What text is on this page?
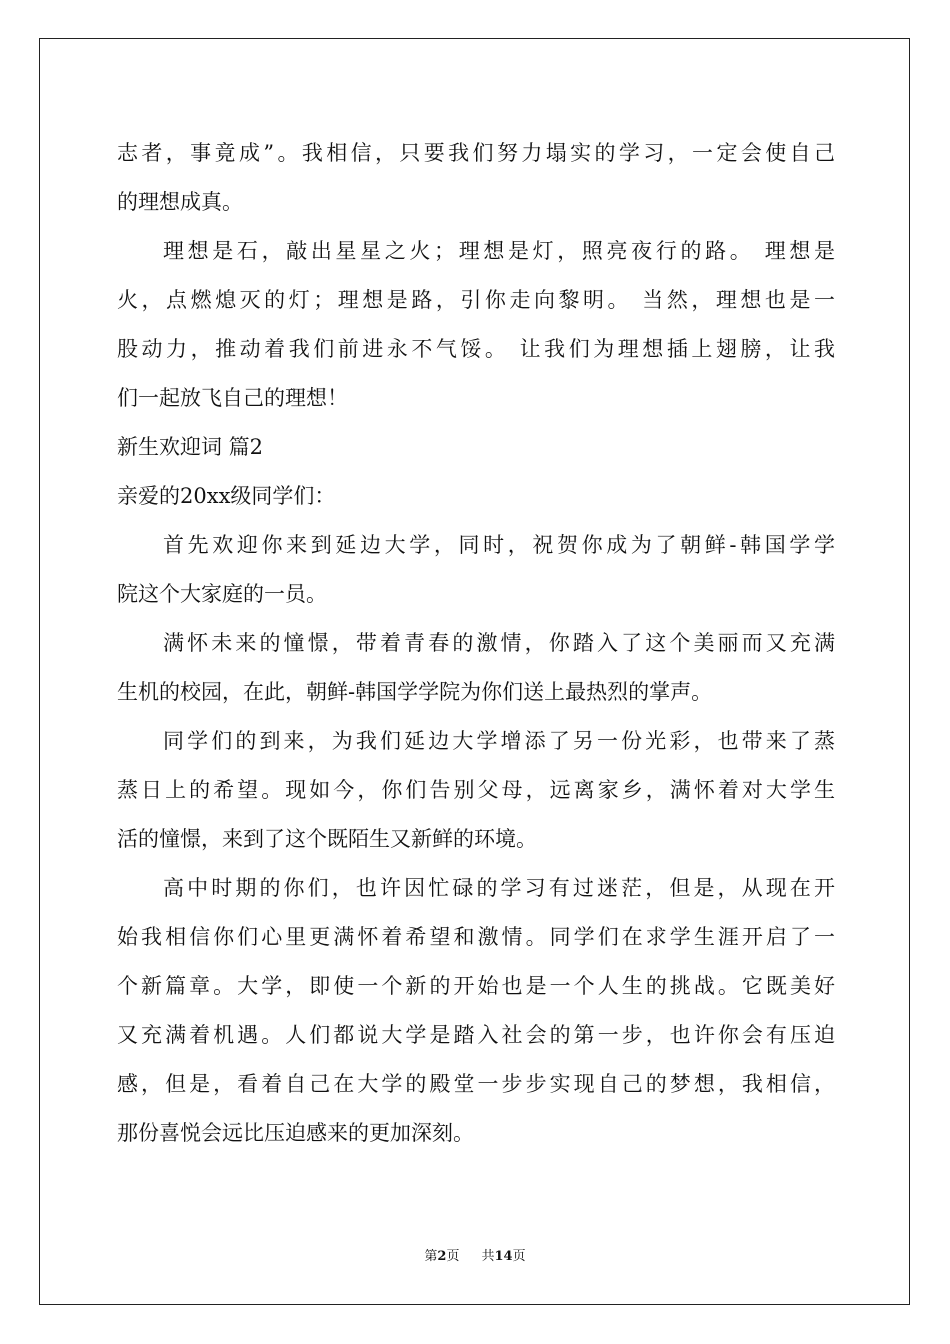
志者，事竟成”。我相信，只要我们努力塌实的学习，一定会使自己
的理想成真。
理想是石，敲出星星之火；理想是灯，照亮夜行的路。 理想是
火，点燃熄灭的灯；理想是路，引你走向黎明。 当然，理想也是一
股动力，推动着我们前进永不气馁。 让我们为理想插上翅膀，让我
们一起放飞自己的理想！
新生欢迎词 篇2
亲爱的20xx级同学们：
首先欢迎你来到延边大学，同时，祝贺你成为了朝鲜-韩国学学
院这个大家庭的一员。
满怀未来的憧憬，带着青春的激情，你踏入了这个美丽而又充满
生机的校园，在此，朝鲜-韩国学学院为你们送上最热烈的掌声。
同学们的到来，为我们延边大学增添了另一份光彩，也带来了蒸
蒸日上的希望。现如今，你们告别父母，远离家乡，满怀着对大学生
活的憧憬，来到了这个既陌生又新鲜的环境。
高中时期的你们，也许因忙碌的学习有过迷茫，但是，从现在开
始我相信你们心里更满怀着希望和激情。同学们在求学生涯开启了一
个新篇章。大学，即使一个新的开始也是一个人生的挑战。它既美好
又充满着机遇。人们都说大学是踏入社会的第一步，也许你会有压迫
感，但是，看着自己在大学的殿堂一步步实现自己的梦想，我相信，
那份喜悦会远比压迫感来的更加深刻。
第2页 共14页
